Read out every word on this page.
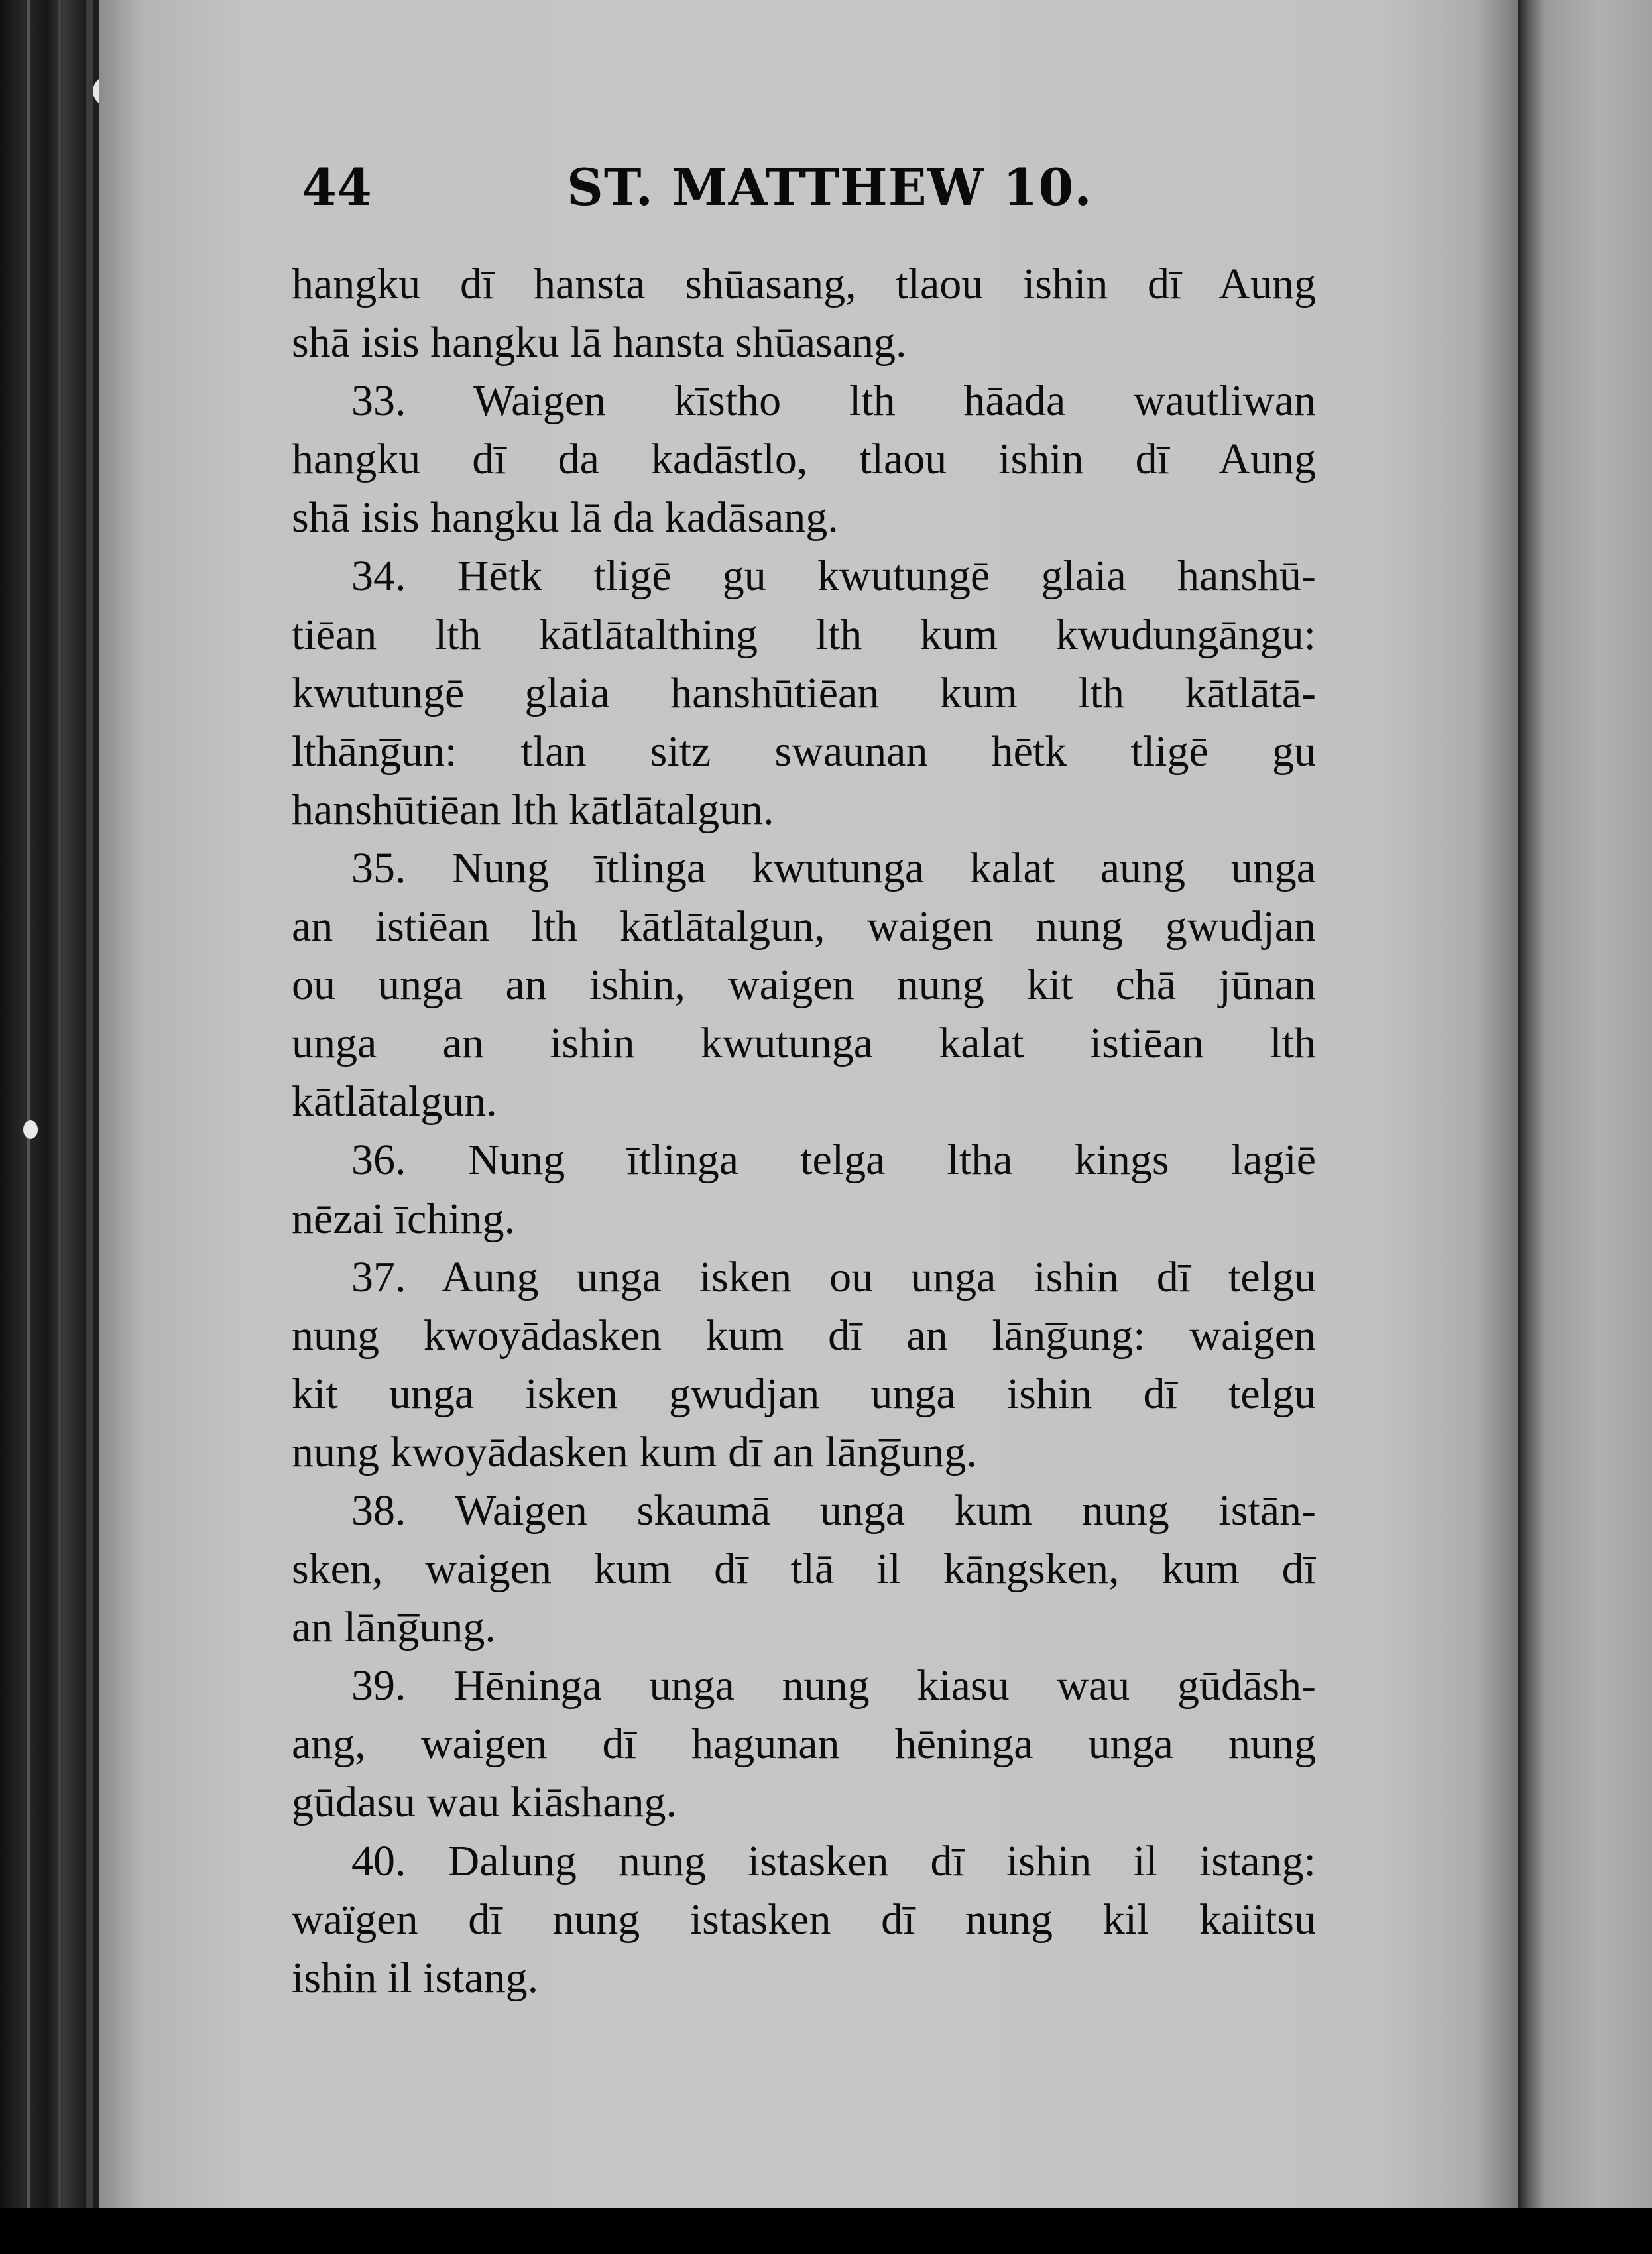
44	ST. MATTHEW 10.
hangku dī hansta shūasang, tlaou ishin dī Aung
shā isis hangku lā hansta shūasang.
33. Waigen kīstho lth hāada wautliwan
hangku dī da kadāstlo, tlaou ishin dī Aung
shā isis hangku lā da kadāsang.
34. Hētk tligē gu kwutungē glaia hanshū-
tiēan lth kātlātalthing lth kum kwudungāngu:
kwutungē glaia hanshūtiēan kum lth kātlātā-
lthāng̅un: tlan sitz swaunan hētk tligē gu
hanshūtiēan lth kātlātalgun.
35. Nung ītlinga kwutunga kalat aung unga
an istiēan lth kātlātalgun, waigen nung gwudjan
ou unga an ishin, waigen nung kit chā jūnan
unga an ishin kwutunga kalat istiēan lth
kātlātalgun.
36. Nung ītlinga telga ltha kings lagiē
nēzai īching.
37. Aung unga isken ou unga ishin dī telgu
nung kwoyādasken kum dī an lāng̅ung: waigen
kit unga isken gwudjan unga ishin dī telgu
nung kwoyādasken kum dī an lāng̅ung.
38. Waigen skaumā unga kum nung istān-
sken, waigen kum dī tlā il kāngsken, kum dī
an lāng̅ung.
39. Hēninga unga nung kiasu wau gūdāsh-
ang, waigen dī hagunan hēninga unga nung
gūdasu wau kiāshang.
40. Dalung nung istasken dī ishin il istang:
waïgen dī nung istasken dī nung kil kaiitsu
ishin il istang.
